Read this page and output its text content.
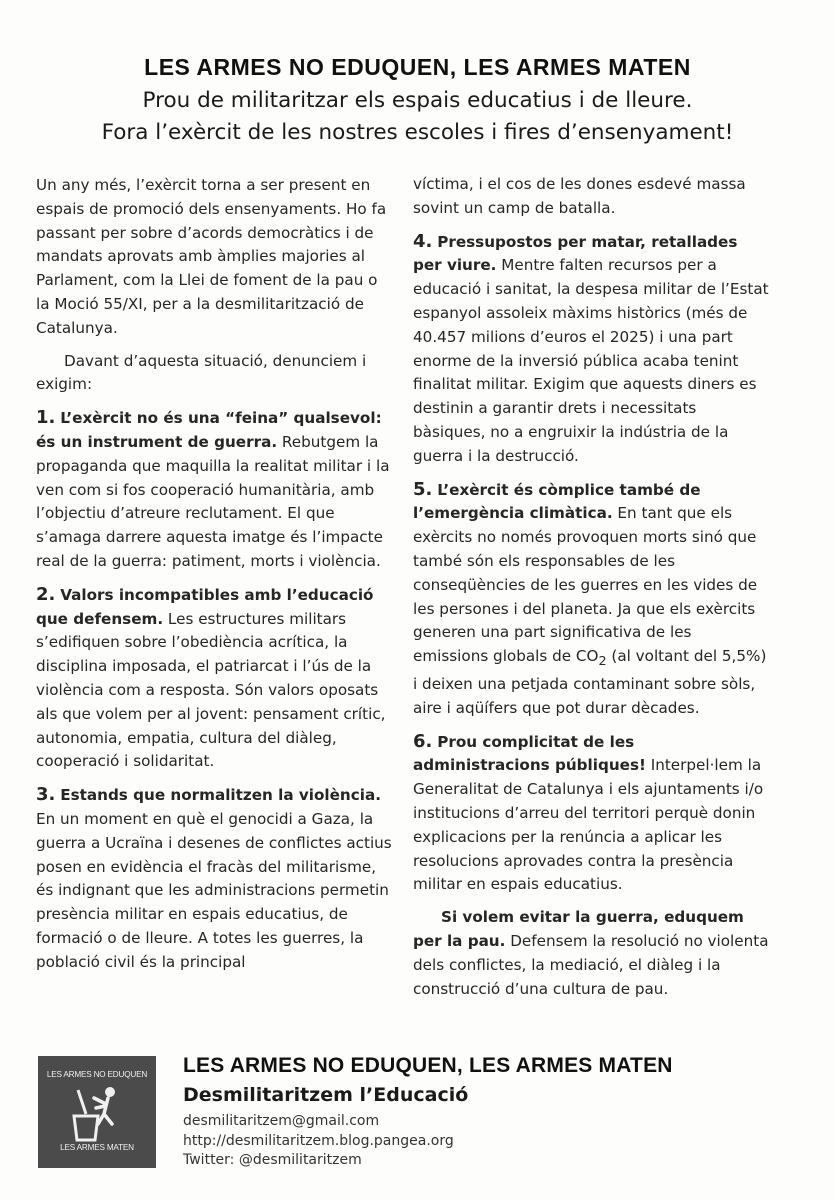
LES ARMES NO EDUQUEN, LES ARMES MATEN
Prou de militaritzar els espais educatius i de lleure.
Fora l’exèrcit de les nostres escoles i fires d’ensenyament!

Un any més, l’exèrcit torna a ser present en espais de promoció dels ensenyaments. Ho fa passant per sobre d’acords democràtics i de mandats aprovats amb àmplies majories al Parlament, com la Llei de foment de la pau o la Moció 55/XI, per a la desmilitarització de Catalunya.

Davant d’aquesta situació, denunciem i exigim:

1. L’exèrcit no és una “feina” qualsevol: és un instrument de guerra. Rebutgem la propaganda que maquilla la realitat militar i la ven com si fos cooperació humanitària, amb l’objectiu d’atreure reclutament. El que s’amaga darrere aquesta imatge és l’impacte real de la guerra: patiment, morts i violència.

2. Valors incompatibles amb l’educació que defensem. Les estructures militars s’edifiquen sobre l’obediència acrítica, la disciplina imposada, el patriarcat i l’ús de la violència com a resposta. Són valors oposats als que volem per al jovent: pensament crític, autonomia, empatia, cultura del diàleg, cooperació i solidaritat.

3. Estands que normalitzen la violència. En un moment en què el genocidi a Gaza, la guerra a Ucraïna i desenes de conflictes actius posen en evidència el fracàs del militarisme, és indignant que les administracions permetin presència militar en espais educatius, de formació o de lleure. A totes les guerres, la població civil és la principal

víctima, i el cos de les dones esdevé massa sovint un camp de batalla.

4. Pressupostos per matar, retallades per viure. Mentre falten recursos per a educació i sanitat, la despesa militar de l’Estat espanyol assoleix màxims històrics (més de 40.457 milions d’euros el 2025) i una part enorme de la inversió pública acaba tenint finalitat militar. Exigim que aquests diners es destinin a garantir drets i necessitats bàsiques, no a engruixir la indústria de la guerra i la destrucció.

5. L’exèrcit és còmplice també de l’emergència climàtica. En tant que els exèrcits no només provoquen morts sinó que també són els responsables de les conseqüències de les guerres en les vides de les persones i del planeta. Ja que els exèrcits generen una part significativa de les emissions globals de $CO_2$ (al voltant del 5,5%) i deixen una petjada contaminant sobre sòls, aire i aqüífers que pot durar dècades.

6. Prou complicitat de les administracions públiques! Interpel·lem la Generalitat de Catalunya i els ajuntaments i/o institucions d’arreu del territori perquè donin explicacions per la renúncia a aplicar les resolucions aprovades contra la presència militar en espais educatius.

Si volem evitar la guerra, eduquem per la pau. Defensem la resolució no violenta dels conflictes, la mediació, el diàleg i la construcció d’una cultura de pau.

LES ARMES NO EDUQUEN
LES ARMES MATEN
LES ARMES NO EDUQUEN, LES ARMES MATEN
Desmilitaritzem l’Educació
desmilitaritzem@gmail.com
http://desmilitaritzem.blog.pangea.org
Twitter: @desmilitaritzem
